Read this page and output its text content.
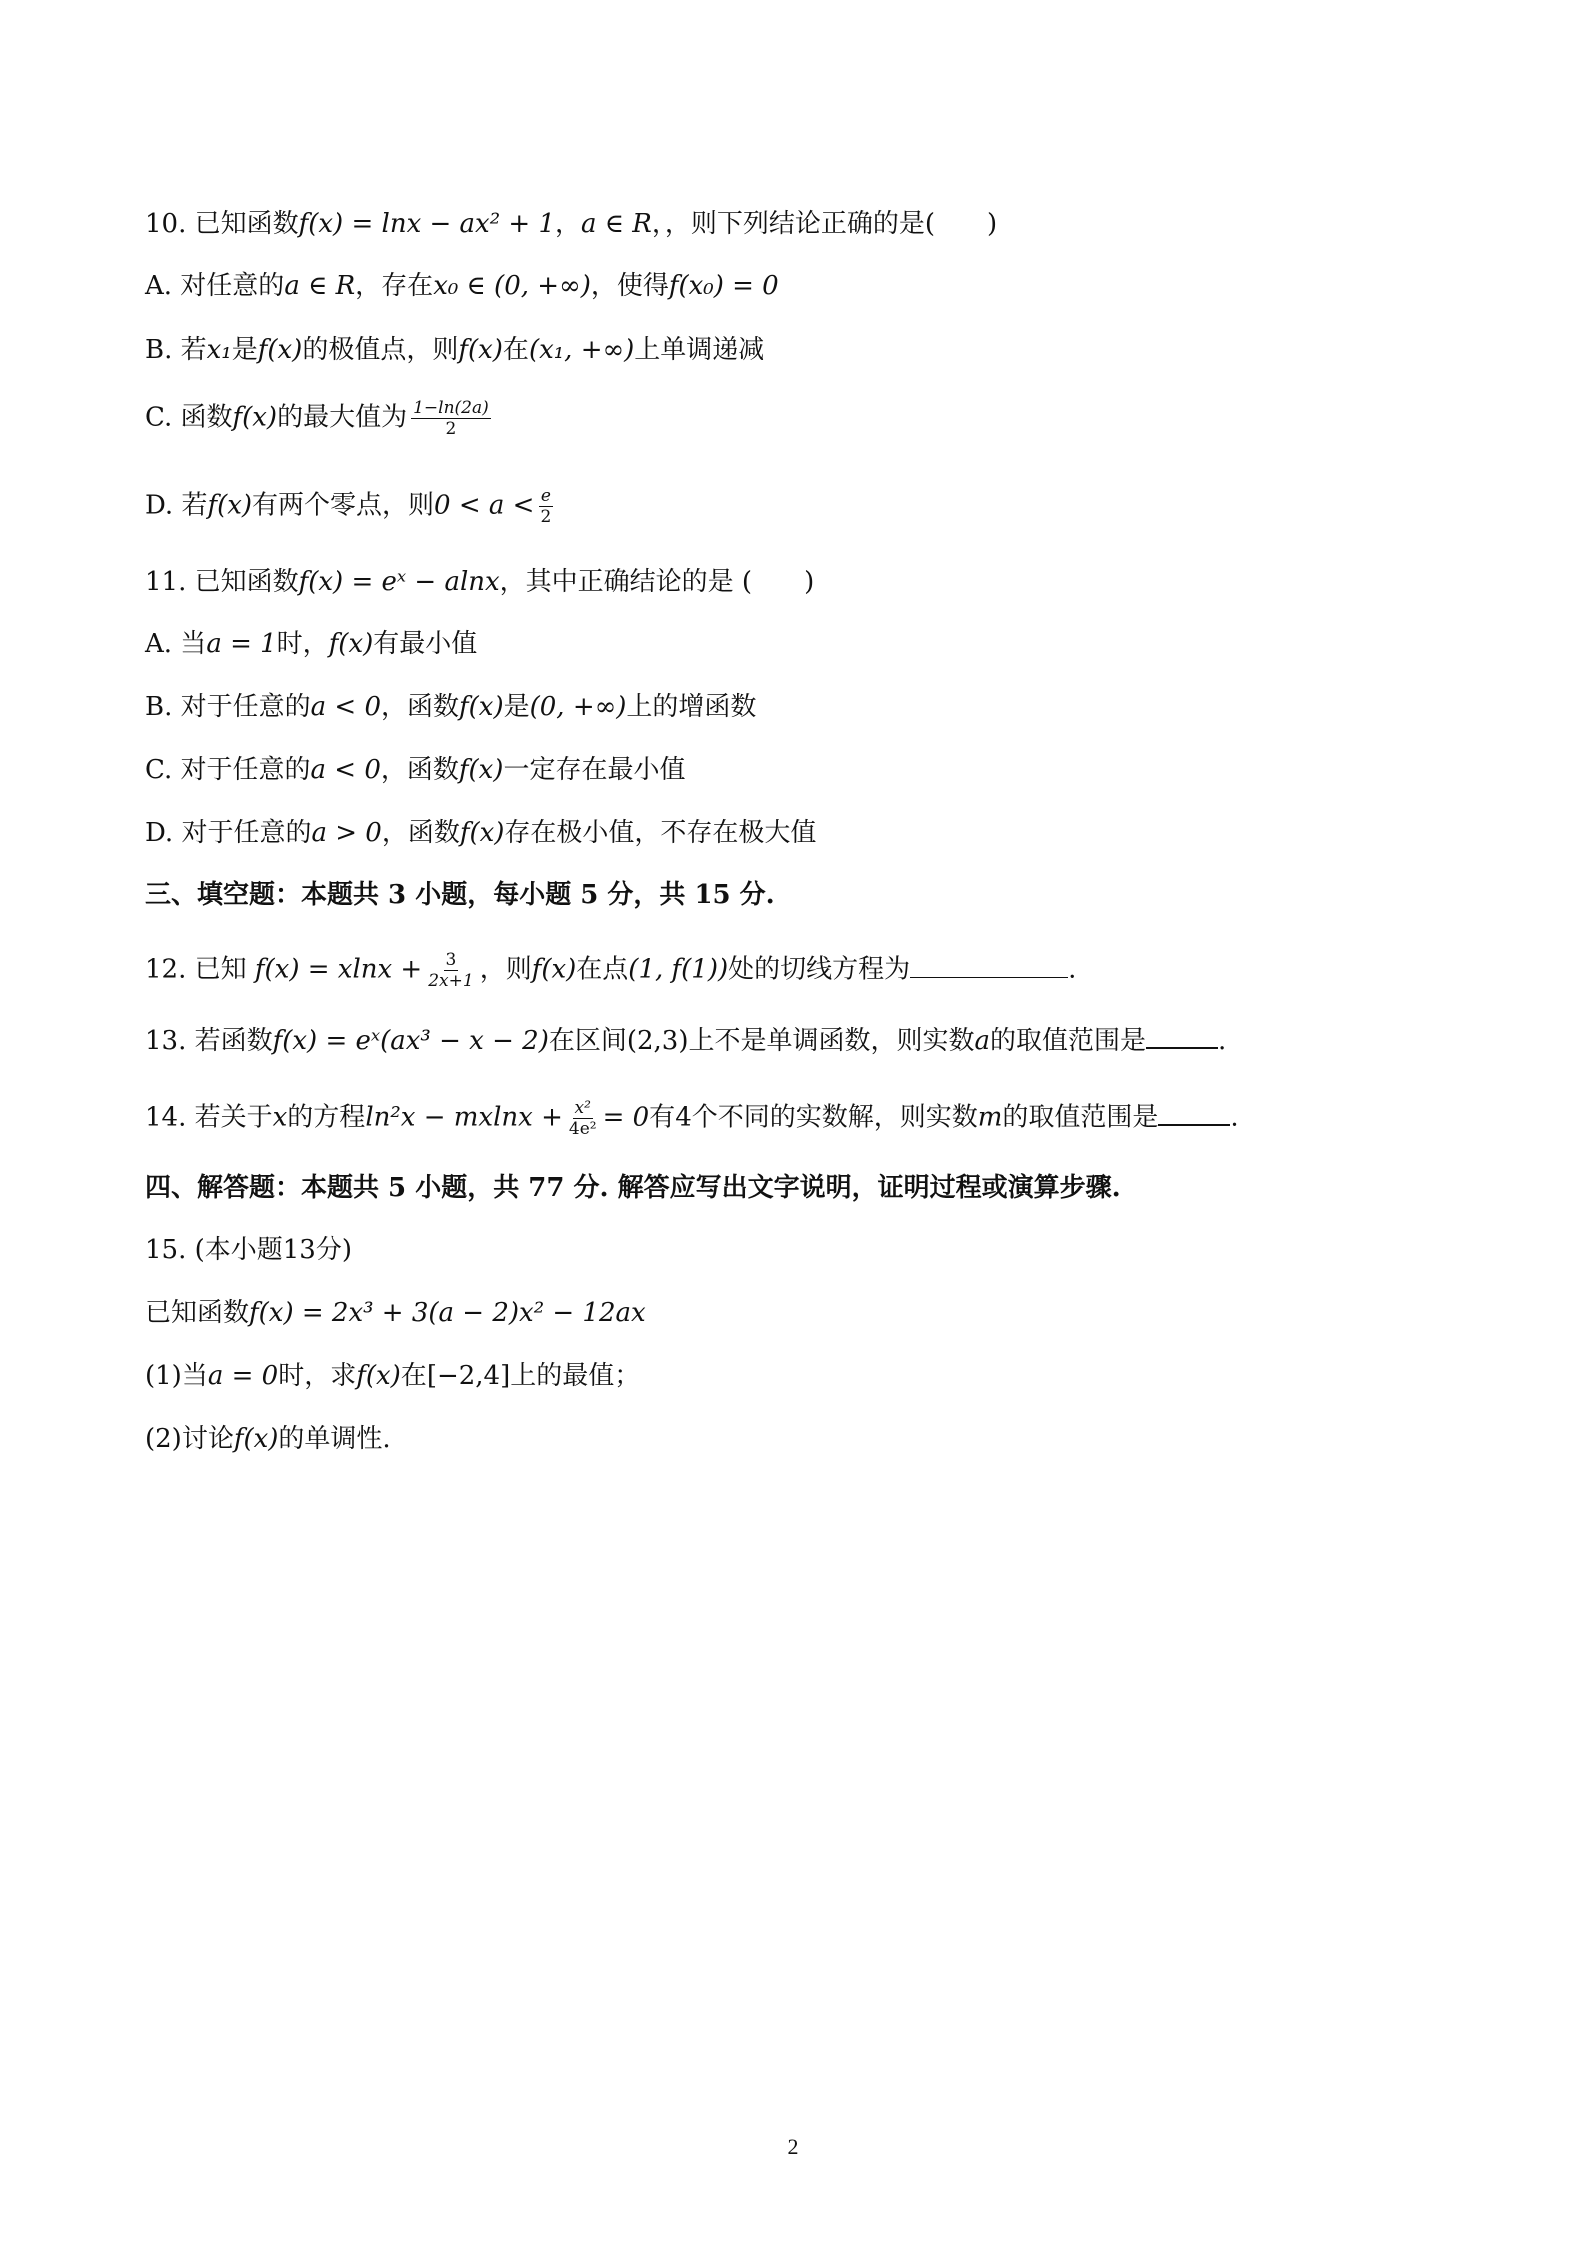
10. 已知函数f(x) = lnx − ax² + 1，a ∈ R，，则下列结论正确的是(　　)
A. 对任意的a ∈ R，存在x₀ ∈ (0, +∞)，使得f(x₀) = 0
B. 若x₁是f(x)的极值点，则f(x)在(x₁, +∞)上单调递减
C. 函数f(x)的最大值为 $\frac{1-\ln(2a)}{2}$
D. 若f(x)有两个零点，则$0 < a < \frac{e}{2}$
11. 已知函数f(x) = eˣ − alnx，其中正确结论的是 (　　)
A. 当a = 1时，f(x)有最小值
B. 对于任意的a < 0，函数f(x)是(0, +∞)上的增函数
C. 对于任意的a < 0，函数f(x)一定存在最小值
D. 对于任意的a > 0，函数f(x)存在极小值，不存在极大值
三、填空题：本题共 3 小题，每小题 5 分，共 15 分.
12. 已知 $f(x) = xlnx + \frac{3}{2x+1}$ ，则f(x)在点(1, f(1))处的切线方程为	.
13. 若函数f(x) = eˣ(ax³ − x − 2)在区间(2,3)上不是单调函数，则实数a的取值范围是	.
14. 若关于x的方程$\ln^2x - mxlnx + \frac{\text{x²}}{\text{4e²}} = 0$有4个不同的实数解，则实数m的取值范围是	.
四、解答题：本题共 5 小题，共 77 分. 解答应写出文字说明，证明过程或演算步骤.
15. (本小题13分)
已知函数f(x) = 2x³ + 3(a − 2)x² − 12ax
(1)当a = 0时，求f(x)在[−2,4]上的最值；
(2)讨论f(x)的单调性.
2
